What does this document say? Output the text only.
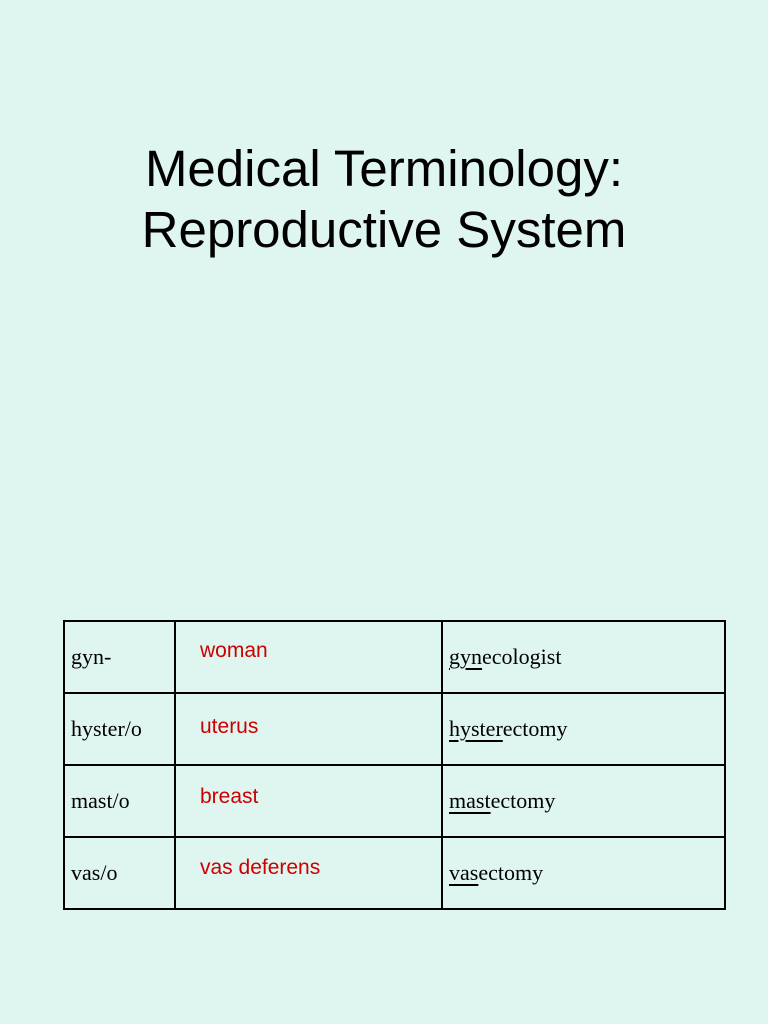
Medical Terminology:
Reproductive System
gyn-	woman	gynecologist
hyster/o	uterus	hysterectomy
mast/o	breast	mastectomy
vas/o	vas deferens	vasectomy
